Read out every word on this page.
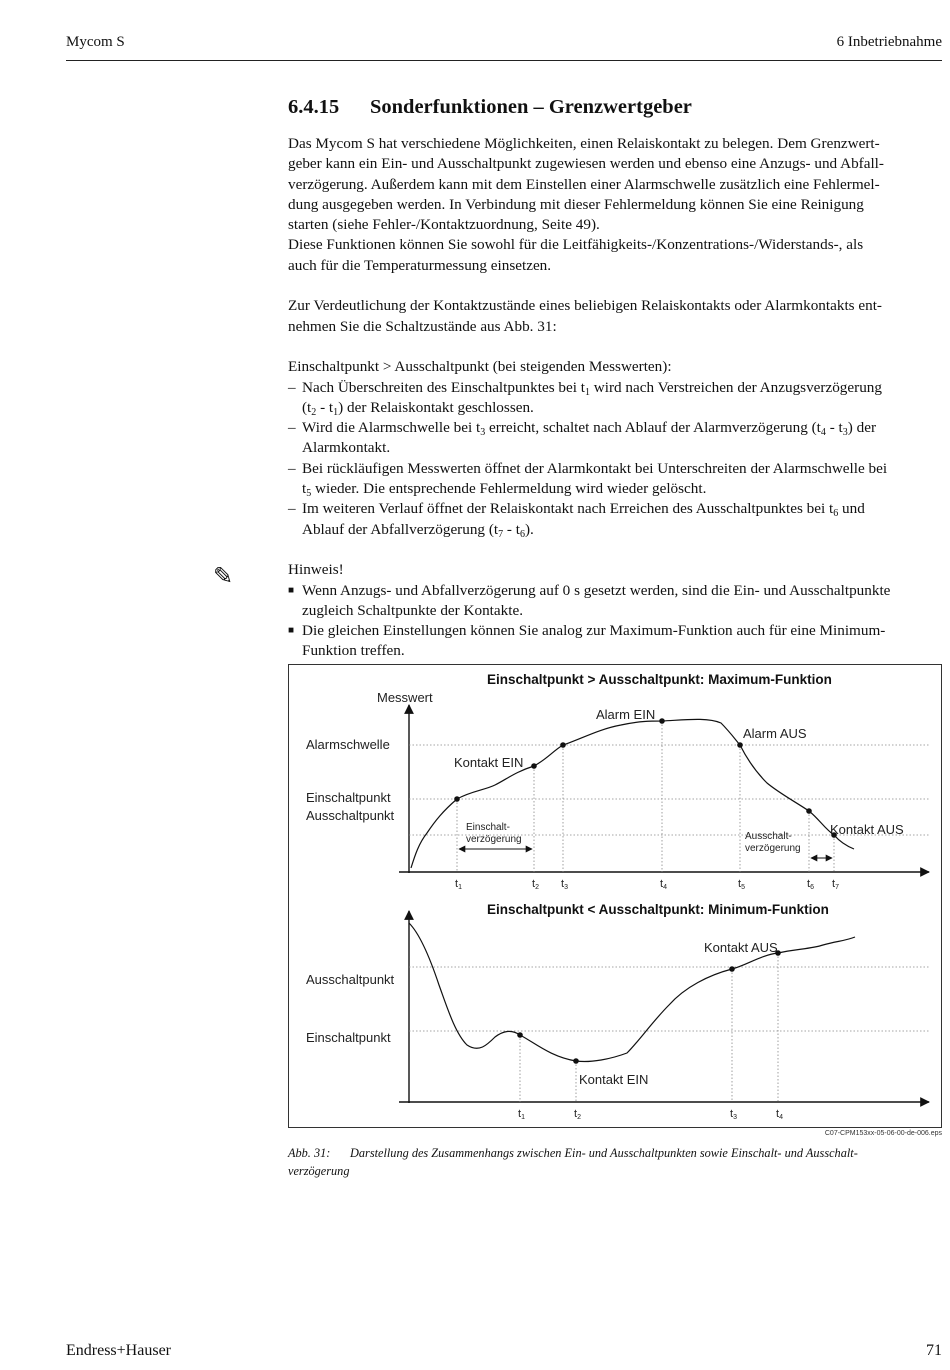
Mycom S	6 Inbetriebnahme
6.4.15 Sonderfunktionen – Grenzwertgeber

Das Mycom S hat verschiedene Möglichkeiten, einen Relaiskontakt zu belegen. Dem Grenzwert-

geber kann ein Ein- und Ausschaltpunkt zugewiesen werden und ebenso eine Anzugs- und Abfall-

verzögerung. Außerdem kann mit dem Einstellen einer Alarmschwelle zusätzlich eine Fehlermel-

dung ausgegeben werden. In Verbindung mit dieser Fehlermeldung können Sie eine Reinigung

starten (siehe Fehler-/Kontaktzuordnung, Seite 49).

Diese Funktionen können Sie sowohl für die Leitfähigkeits-/Konzentrations-/Widerstands-, als

auch für die Temperaturmessung einsetzen.

Zur Verdeutlichung der Kontaktzustände eines beliebigen Relaiskontakts oder Alarmkontakts ent-

nehmen Sie die Schaltzustände aus Abb. 31:

Einschaltpunkt > Ausschaltpunkt (bei steigenden Messwerten):

– Nach Überschreiten des Einschaltpunktes bei $t_1$ wird nach Verstreichen der Anzugsverzögerung
$(t_2 - t_1)$ der Relaiskontakt geschlossen.
– Wird die Alarmschwelle bei $t_3$ erreicht, schaltet nach Ablauf der Alarmverzögerung $(t_4 - t_3)$ der
Alarmkontakt.
– Bei rückläufigen Messwerten öffnet der Alarmkontakt bei Unterschreiten der Alarmschwelle bei
$t_5$ wieder. Die entsprechende Fehlermeldung wird wieder gelöscht.
– Im weiteren Verlauf öffnet der Relaiskontakt nach Erreichen des Ausschaltpunktes bei $t_6$ und
Ablauf der Abfallverzögerung $(t_7 - t_6)$.

Hinweis!

■ Wenn Anzugs- und Abfallverzögerung auf 0 s gesetzt werden, sind die Ein- und Ausschaltpunkte
zugleich Schaltpunkte der Kontakte.
■ Die gleichen Einstellungen können Sie analog zur Maximum-Funktion auch für eine Minimum-
Funktion treffen.
✎
Einschaltpunkt > Ausschaltpunkt: Maximum-Funktion
Messwert
Alarmschwelle
Einschaltpunkt
Ausschaltpunkt
Kontakt EIN
Alarm EIN
Alarm AUS
Kontakt AUS
Einschalt-
verzögerung	Ausschalt-
verzögerung
t1	t2 t3	t4	t5	t6 t7
Einschaltpunkt < Ausschaltpunkt: Minimum-Funktion
Ausschaltpunkt
Einschaltpunkt
Kontakt AUS
Kontakt EIN
t1	t2	t3	t4
C07-CPM153xx-05-06-00-de-006.eps
Abb. 31: Darstellung des Zusammenhangs zwischen Ein- und Ausschaltpunkten sowie Einschalt- und Ausschalt-
verzögerung
Endress+Hauser	71
